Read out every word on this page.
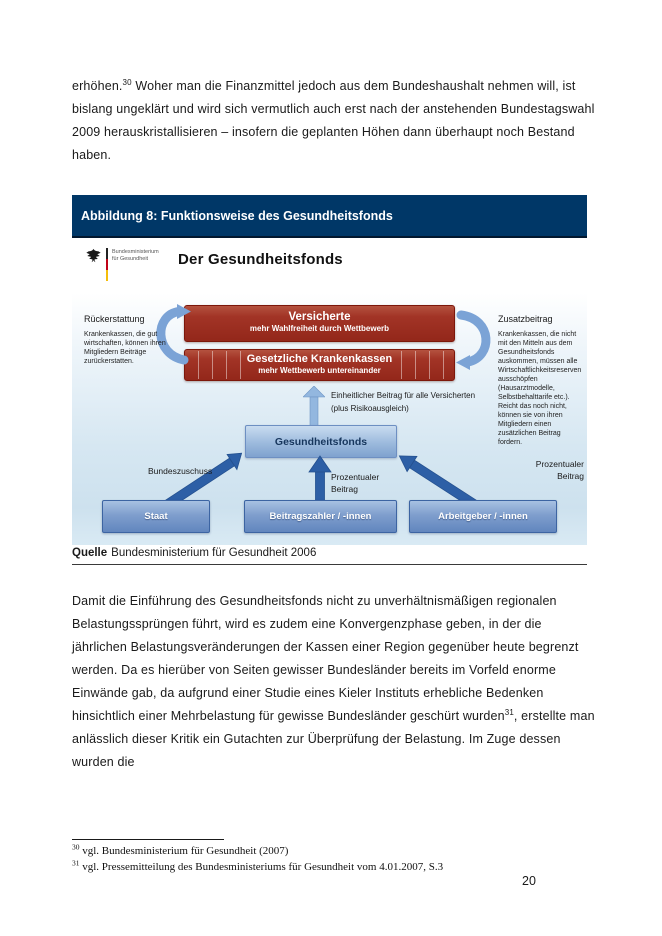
erhöhen.$^{30}$ Woher man die Finanzmittel jedoch aus dem Bundeshaushalt nehmen will, ist bislang ungeklärt und wird sich vermutlich auch erst nach der anstehenden Bundestagswahl 2009 herauskristallisieren – insofern die geplanten Höhen dann überhaupt noch Bestand haben.
Abbildung 8: Funktionsweise des Gesundheitsfonds
Bundesministerium
für Gesundheit	Der Gesundheitsfonds
Versicherte
mehr Wahlfreiheit durch Wettbewerb
Gesetzliche Krankenkassen
mehr Wettbewerb untereinander
Rückerstattung
Krankenkassen, die gut wirtschaften, können ihren Mitgliedern Beiträge zurückerstatten.
Zusatzbeitrag
Krankenkassen, die nicht mit den Mitteln aus dem Gesundheitsfonds auskommen, müssen alle Wirtschaftlichkeitsreserven ausschöpfen (Hausarztmodelle, Selbstbehalttarife etc.). Reicht das noch nicht, können sie von ihren Mitgliedern einen zusätzlichen Beitrag fordern.
Einheitlicher Beitrag für alle Versicherten
(plus Risikoausgleich)
Gesundheitsfonds
Bundeszuschuss
Prozentualer
Beitrag
Prozentualer
Beitrag
Staat	Beitragszahler / -innen	Arbeitgeber / -innen
Quelle Bundesministerium für Gesundheit 2006
Damit die Einführung des Gesundheitsfonds nicht zu unverhältnismäßigen regionalen Belastungssprüngen führt, wird es zudem eine Konvergenzphase geben, in der die jährlichen Belastungsveränderungen der Kassen einer Region gegenüber heute begrenzt werden. Da es hierüber von Seiten gewisser Bundesländer bereits im Vorfeld enorme Einwände gab, da aufgrund einer Studie eines Kieler Instituts erhebliche Bedenken hinsichtlich einer Mehrbelastung für gewisse Bundesländer geschürt wurden$^{31}$, erstellte man anlässlich dieser Kritik ein Gutachten zur Überprüfung der Belastung. Im Zuge dessen wurden die
$^{30}$ vgl. Bundesministerium für Gesundheit (2007)
$^{31}$ vgl. Pressemitteilung des Bundesministeriums für Gesundheit vom 4.01.2007, S.3
20
